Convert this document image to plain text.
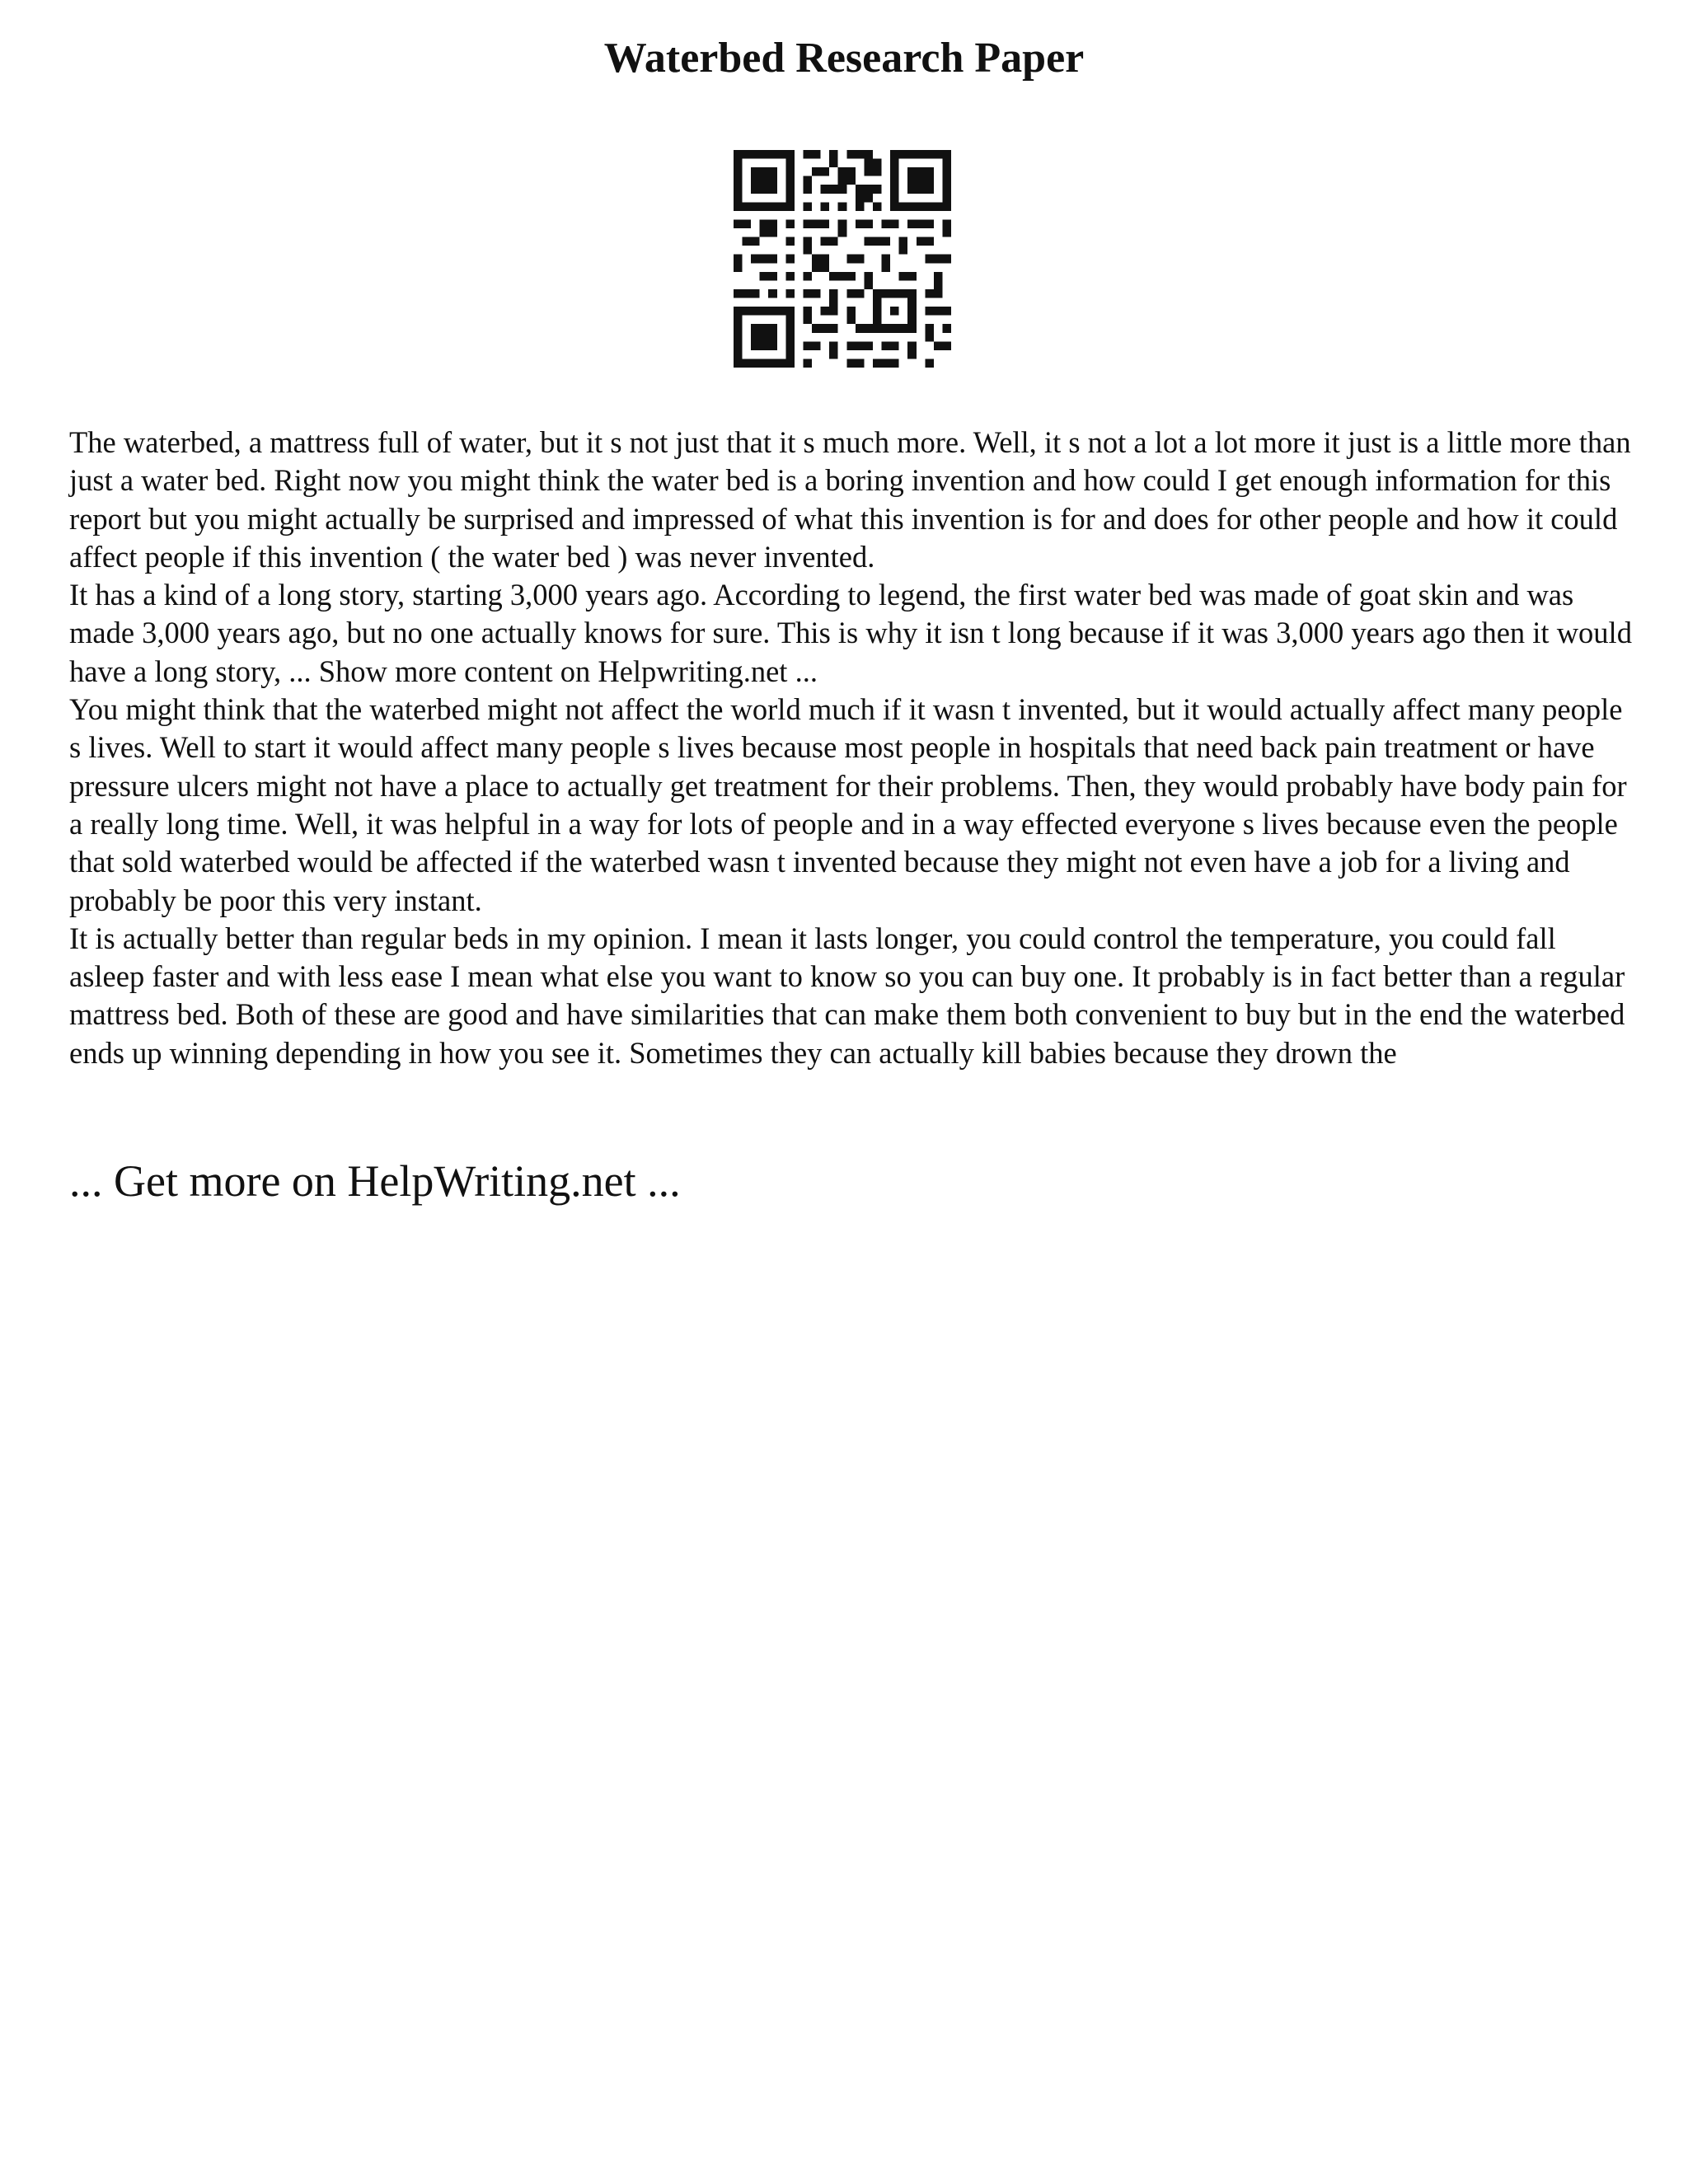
Waterbed Research Paper

The waterbed, a mattress full of water, but it s not just that it s much more. Well, it s not a lot a lot more it just is a little more than just a water bed. Right now you might think the water bed is a boring invention and how could I get enough information for this report but you might actually be surprised and impressed of what this invention is for and does for other people and how it could affect people if this invention ( the water bed ) was never invented.

It has a kind of a long story, starting 3,000 years ago. According to legend, the first water bed was made of goat skin and was made 3,000 years ago, but no one actually knows for sure. This is why it isn t long because if it was 3,000 years ago then it would have a long story, ... Show more content on Helpwriting.net ...

You might think that the waterbed might not affect the world much if it wasn t invented, but it would actually affect many people s lives. Well to start it would affect many people s lives because most people in hospitals that need back pain treatment or have pressure ulcers might not have a place to actually get treatment for their problems. Then, they would probably have body pain for a really long time. Well, it was helpful in a way for lots of people and in a way effected everyone s lives because even the people that sold waterbed would be affected if the waterbed wasn t invented because they might not even have a job for a living and probably be poor this very instant.

It is actually better than regular beds in my opinion. I mean it lasts longer, you could control the temperature, you could fall asleep faster and with less ease I mean what else you want to know so you can buy one. It probably is in fact better than a regular mattress bed. Both of these are good and have similarities that can make them both convenient to buy but in the end the waterbed ends up winning depending in how you see it. Sometimes they can actually kill babies because they drown the

... Get more on HelpWriting.net ...
